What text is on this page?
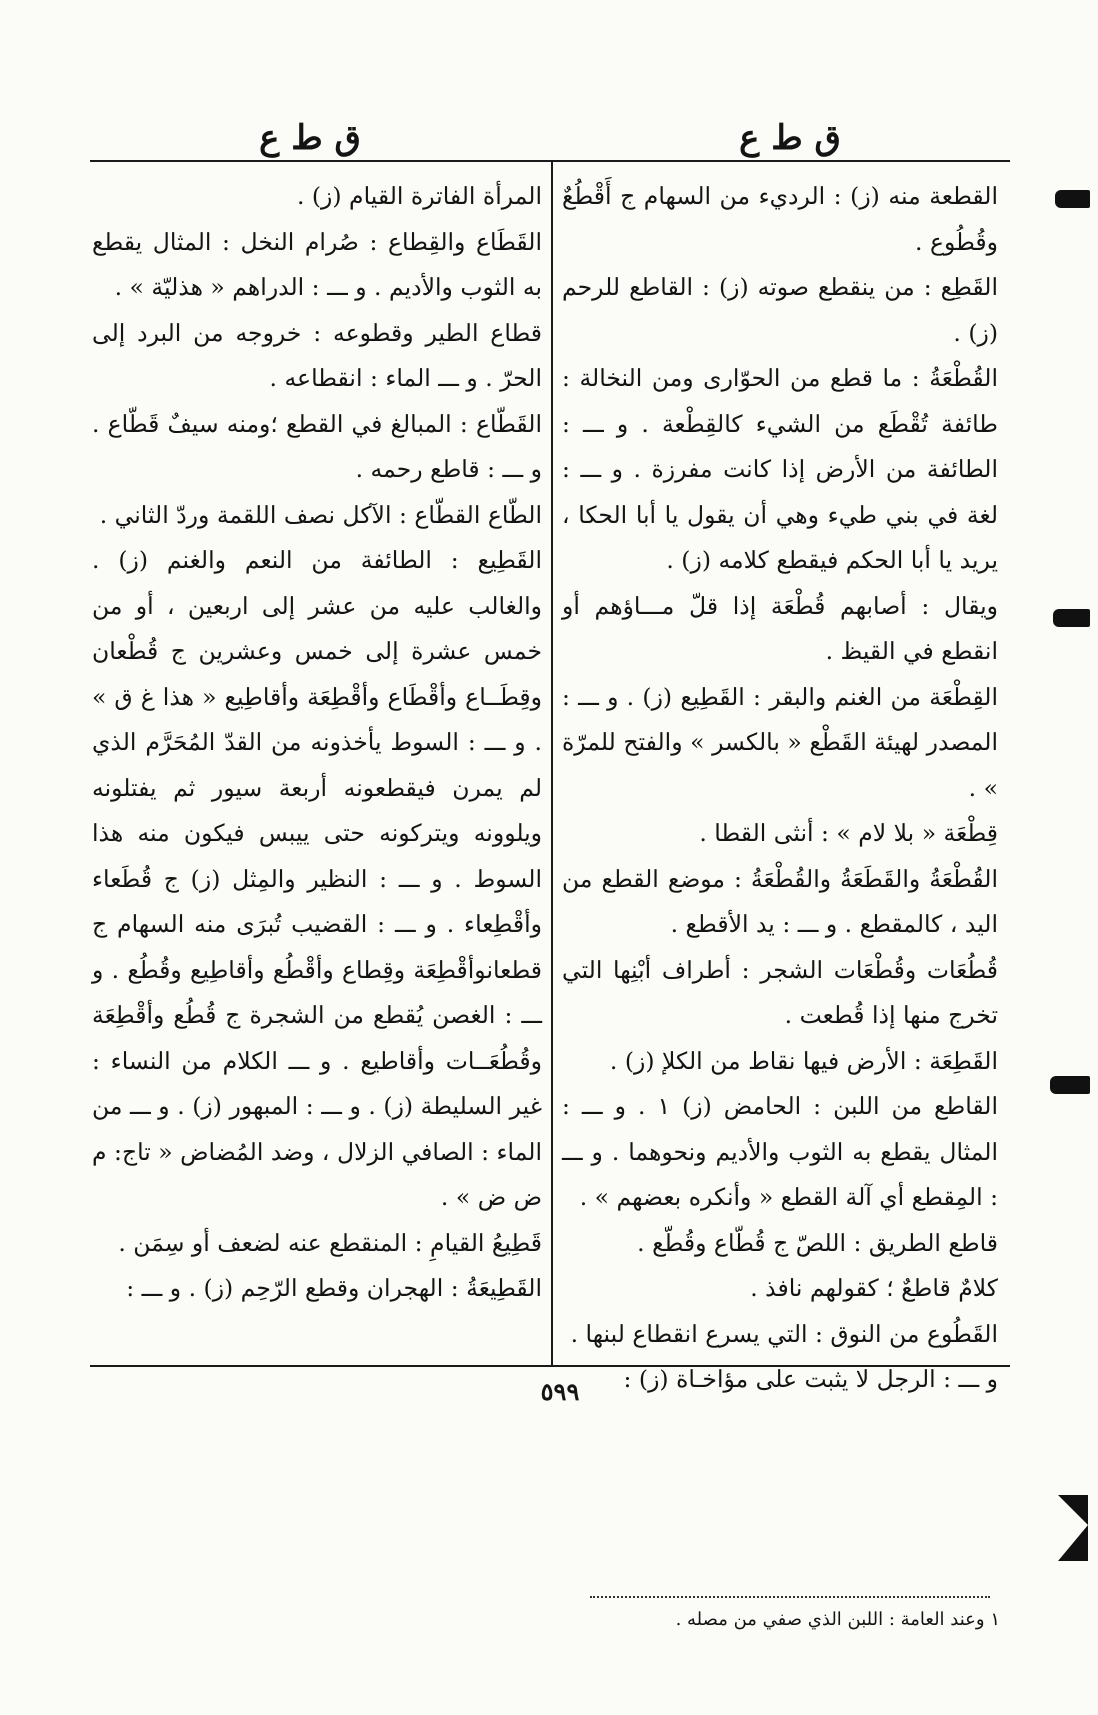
ق ط ع
ق ط ع

القطعة منه (ز) : الرديء من السهام ج أَقْطُعٌ وقُطُوع .

القَطِع : من ينقطع صوته (ز) : القاطع للرحم (ز) .

القُطْعَةُ : ما قطع من الحوّارى ومن النخالة : طائفة تُقْطَع من الشيء كالقِطْعة . و ـــ : الطائفة من الأرض إذا كانت مفرزة . و ـــ : لغة في بني طيء وهي أن يقول يا أبا الحكا ، يريد يا أبا الحكم فيقطع كلامه (ز) .

ويقال : أصابهم قُطْعَة إذا قلّ مـــاؤهم أو انقطع في القيظ .

القِطْعَة من الغنم والبقر : القَطِيع (ز) . و ـــ : المصدر لهيئة القَطْع « بالكسر » والفتح للمرّة » .

قِطْعَة « بلا لام » : أنثى القطا .

القُطْعَةُ والقَطَعَةُ والقُطْعَةُ : موضع القطع من اليد ، كالمقطع . و ـــ : يد الأقطع .

قُطُعَات وقُطْعَات الشجر : أطراف أبْنِها التي تخرج منها إذا قُطعت .

القَطِعَة : الأرض فيها نقاط من الكلإ (ز) .

القاطع من اللبن : الحامض (ز) ١ . و ـــ : المثال يقطع به الثوب والأديم ونحوهما . و ـــ : المِقطع أي آلة القطع « وأنكره بعضهم » .

قاطع الطريق : اللصّ ج قُطّاع وقُطّع .

كلامٌ قاطعٌ ؛ كقولهم نافذ .

القَطُوع من النوق : التي يسرع انقطاع لبنها .

و ـــ : الرجل لا يثبت على مؤاخـاة (ز) :

المرأة الفاترة القيام (ز) .

القَطَاع والقِطاع : صُرام النخل : المثال يقطع به الثوب والأديم . و ـــ : الدراهم « هذليّة » .

قطاع الطير وقطوعه : خروجه من البرد إلى الحرّ . و ـــ الماء : انقطاعه .

القَطّاع : المبالغ في القطع ؛ومنه سيفٌ قَطّاع . و ـــ : قاطع رحمه .

الطّاع القطّاع : الآكل نصف اللقمة وردّ الثاني .

القَطِيع : الطائفة من النعم والغنم (ز) . والغالب عليه من عشر إلى اربعين ، أو من خمس عشرة إلى خمس وعشرين ج قُطْعان وقِطَــاع وأقْطَاع وأقْطِعَة وأقاطِيع « هذا غ ق » . و ـــ : السوط يأخذونه من القدّ المُحَرَّم الذي لم يمرن فيقطعونه أربعة سيور ثم يفتلونه ويلوونه ويتركونه حتى ييبس فيكون منه هذا السوط . و ـــ : النظير والمِثل (ز) ج قُطَعاء وأقْطِعاء . و ـــ : القضيب تُبرَى منه السهام ج قطعانوأقْطِعَة وقِطاع وأقْطُع وأقاطِيع وقُطُع . و ـــ : الغصن يُقطع من الشجرة ج قُطُع وأقْطِعَة وقُطُعَــات وأقاطيع . و ـــ الكلام من النساء : غير السليطة (ز) . و ـــ : المبهور (ز) . و ـــ من الماء : الصافي الزلال ، وضد المُضاض « تاج: م ض ض » .

قَطِيعُ القيامِ : المنقطع عنه لضعف أو سِمَن .

القَطِيعَةُ : الهجران وقطع الرّحِم (ز) . و ـــ :

١ وعند العامة : اللبن الذي صفي من مصله .
٥٩٩
